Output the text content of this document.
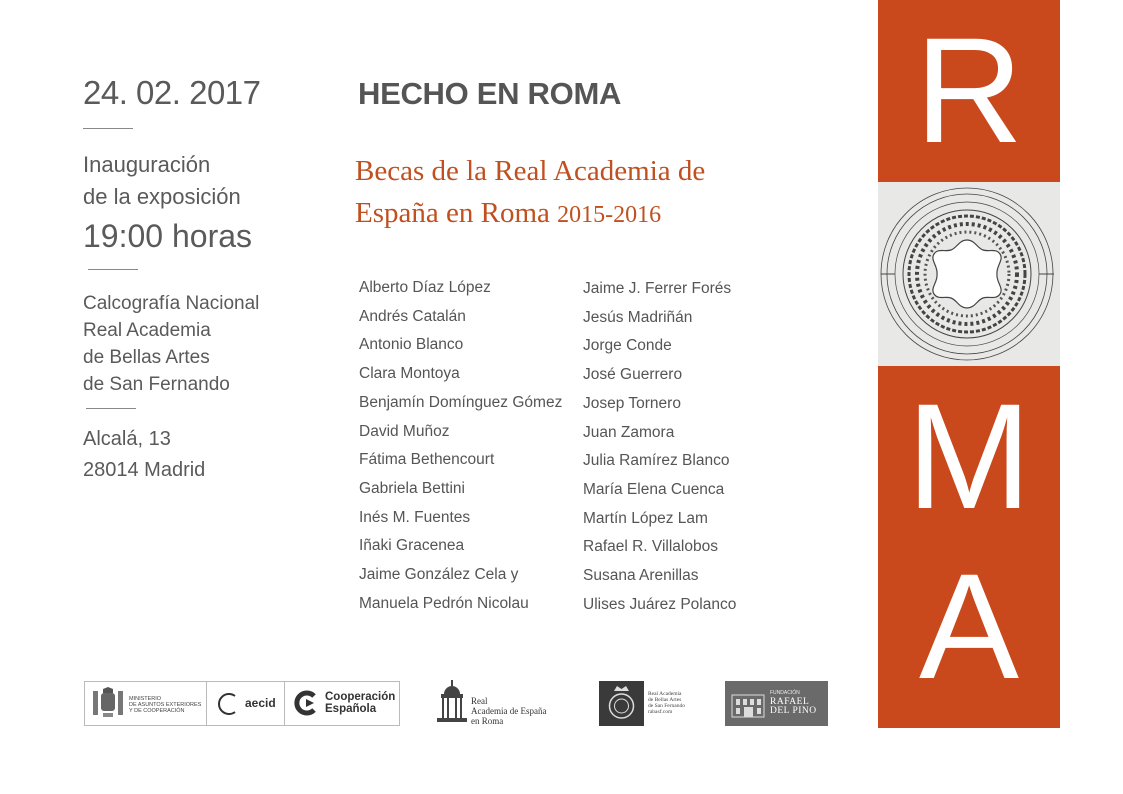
24. 02. 2017
Inauguración
de la exposición
19:00 horas
Calcografía Nacional
Real Academia
de Bellas Artes
de San Fernando
Alcalá, 13
28014 Madrid
HECHO EN ROMA
Becas de la Real Academia de
España en Roma 2015-2016
Alberto Díaz López
Andrés Catalán
Antonio Blanco
Clara Montoya
Benjamín Domínguez Gómez
David Muñoz
Fátima Bethencourt
Gabriela Bettini
Inés M. Fuentes
Iñaki Gracenea
Jaime González Cela y
Manuela Pedrón Nicolau
Jaime J. Ferrer Forés
Jesús Madriñán
Jorge Conde
José Guerrero
Josep Tornero
Juan Zamora
Julia Ramírez Blanco
María Elena Cuenca
Martín López Lam
Rafael R. Villalobos
Susana Arenillas
Ulises Juárez Polanco
R
M
A
MINISTERIO
DE ASUNTOS EXTERIORES
Y DE COOPERACIÓN
aecid	Cooperación
Española
Real
Academia de España
en Roma
Real Academia
de Bellas Artes
de San Fernando
rabasf.com
FUNDACIÓN
RAFAEL
DEL PINO
